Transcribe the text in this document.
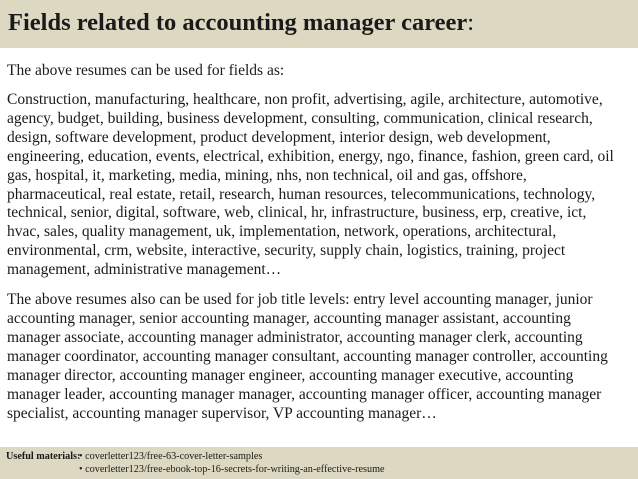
Fields related to accounting manager career:

The above resumes can be used for fields as:

Construction, manufacturing, healthcare, non profit, advertising, agile, architecture, automotive,
agency, budget, building, business development, consulting, communication, clinical research,
design, software development, product development, interior design, web development,
engineering, education, events, electrical, exhibition, energy, ngo, finance, fashion, green card, oil
gas, hospital, it, marketing, media, mining, nhs, non technical, oil and gas, offshore,
pharmaceutical, real estate, retail, research, human resources, telecommunications, technology,
technical, senior, digital, software, web, clinical, hr, infrastructure, business, erp, creative, ict,
hvac, sales, quality management, uk, implementation, network, operations, architectural,
environmental, crm, website, interactive, security, supply chain, logistics, training, project
management, administrative management…

The above resumes also can be used for job title levels: entry level accounting manager, junior
accounting manager, senior accounting manager, accounting manager assistant, accounting
manager associate, accounting manager administrator, accounting manager clerk, accounting
manager coordinator, accounting manager consultant, accounting manager controller, accounting
manager director, accounting manager engineer, accounting manager executive, accounting
manager leader, accounting manager manager, accounting manager officer, accounting manager
specialist, accounting manager supervisor, VP accounting manager…

Useful materials:• coverletter123/free-63-cover-letter-samples
• coverletter123/free-ebook-top-16-secrets-for-writing-an-effective-resume
